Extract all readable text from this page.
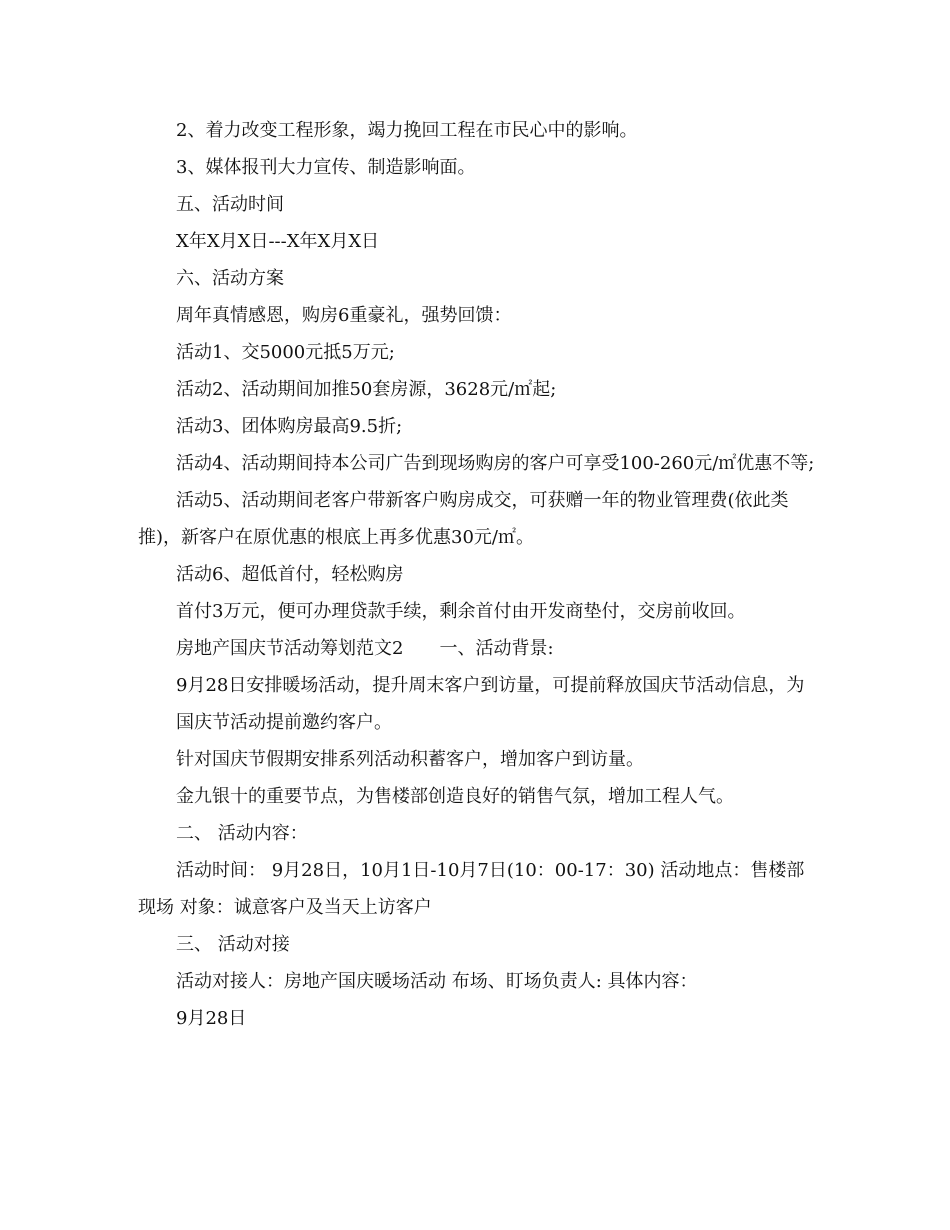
2、着力改变工程形象，竭力挽回工程在市民心中的影响。

3、媒体报刊大力宣传、制造影响面。

五、活动时间

X年X月X日---X年X月X日

六、活动方案

周年真情感恩，购房6重豪礼，强势回馈：

活动1、交5000元抵5万元;

活动2、活动期间加推50套房源，3628元/㎡起;

活动3、团体购房最高9.5折;

活动4、活动期间持本公司广告到现场购房的客户可享受100-260元/㎡优惠不等;

活动5、活动期间老客户带新客户购房成交，可获赠一年的物业管理费(依此类推)，新客户在原优惠的根底上再多优惠30元/㎡。

活动6、超低首付，轻松购房

首付3万元，便可办理贷款手续，剩余首付由开发商垫付，交房前收回。

房地产国庆节活动筹划范文2　　一、活动背景:

9月28日安排暖场活动，提升周末客户到访量，可提前释放国庆节活动信息，为

国庆节活动提前邀约客户。

针对国庆节假期安排系列活动积蓄客户，增加客户到访量。

金九银十的重要节点，为售楼部创造良好的销售气氛，增加工程人气。

二、 活动内容：

活动时间： 9月28日，10月1日-10月7日(10：00-17：30) 活动地点：售楼部现场 对象：诚意客户及当天上访客户

三、 活动对接

活动对接人：房地产国庆暖场活动 布场、盯场负责人: 具体内容：

9月28日
